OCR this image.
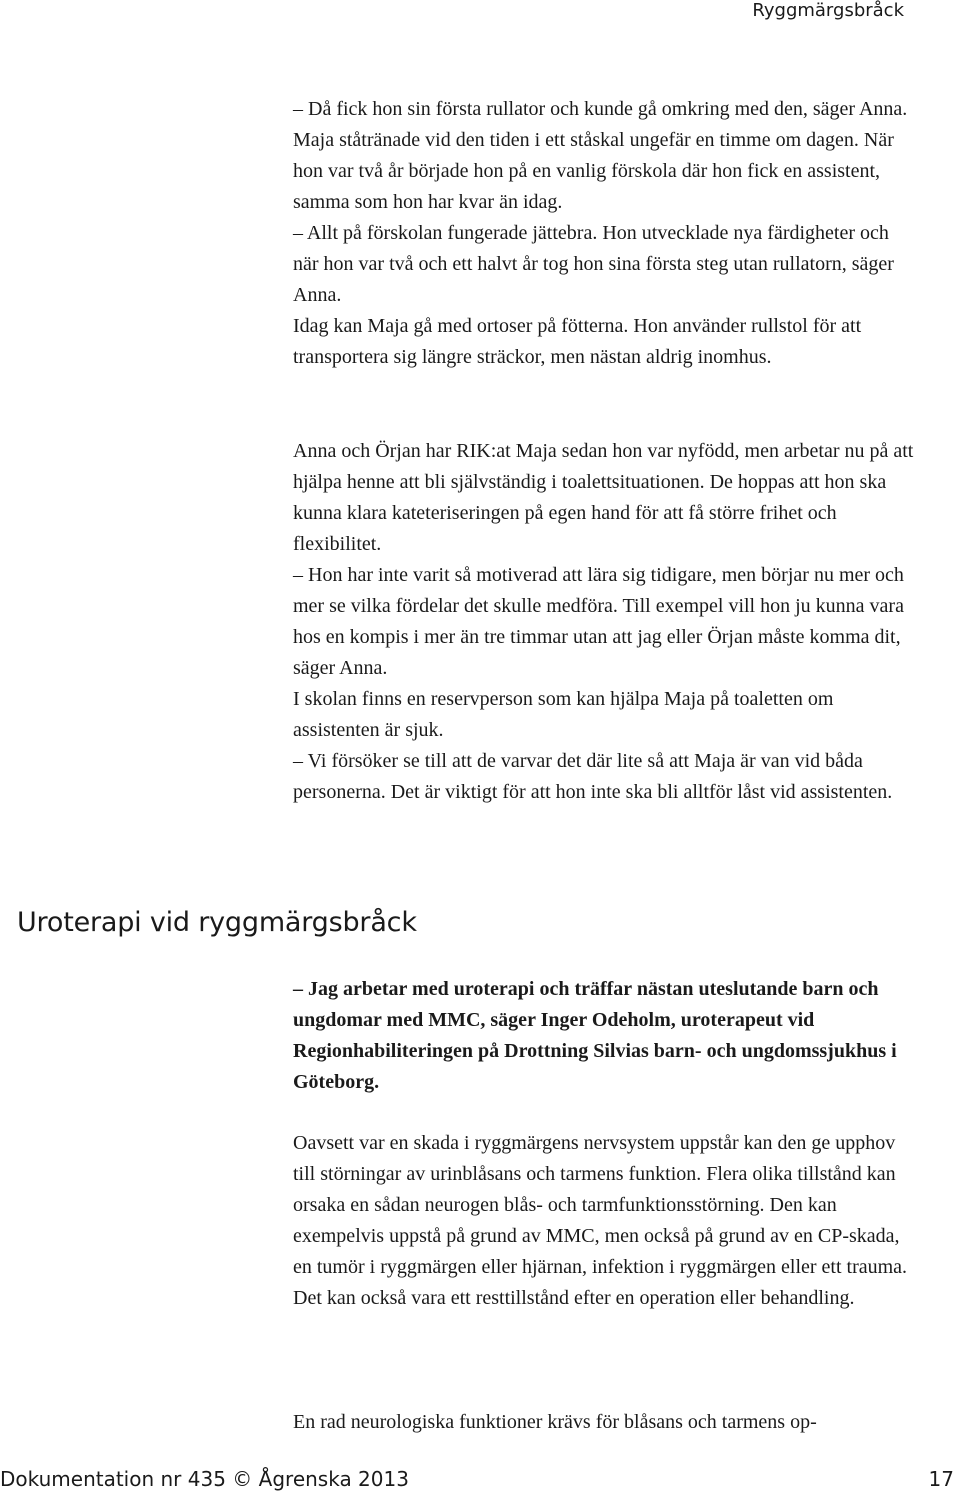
Ryggmärgsbråck

– Då fick hon sin första rullator och kunde gå omkring med den, säger Anna.

Maja ståtränade vid den tiden i ett ståskal ungefär en timme om dagen. När hon var två år började hon på en vanlig förskola där hon fick en assistent, samma som hon har kvar än idag.

– Allt på förskolan fungerade jättebra. Hon utvecklade nya färdigheter och när hon var två och ett halvt år tog hon sina första steg utan rullatorn, säger Anna.

Idag kan Maja gå med ortoser på fötterna. Hon använder rullstol för att transportera sig längre sträckor, men nästan aldrig inomhus.

Anna och Örjan har RIK:at Maja sedan hon var nyfödd, men arbetar nu på att hjälpa henne att bli självständig i toalettsituationen. De hoppas att hon ska kunna klara kateteriseringen på egen hand för att få större frihet och flexibilitet.

– Hon har inte varit så motiverad att lära sig tidigare, men börjar nu mer och mer se vilka fördelar det skulle medföra. Till exempel vill hon ju kunna vara hos en kompis i mer än tre timmar utan att jag eller Örjan måste komma dit, säger Anna.

I skolan finns en reservperson som kan hjälpa Maja på toaletten om assistenten är sjuk.

– Vi försöker se till att de varvar det där lite så att Maja är van vid båda personerna. Det är viktigt för att hon inte ska bli alltför låst vid assistenten.

Uroterapi vid ryggmärgsbråck

– Jag arbetar med uroterapi och träffar nästan uteslutande barn och ungdomar med MMC, säger Inger Odeholm, uroterapeut vid Regionhabiliteringen på Drottning Silvias barn- och ungdomssjukhus i Göteborg.

Oavsett var en skada i ryggmärgens nervsystem uppstår kan den ge upphov till störningar av urinblåsans och tarmens funktion. Flera olika tillstånd kan orsaka en sådan neurogen blås- och tarmfunktionsstörning. Den kan exempelvis uppstå på grund av MMC, men också på grund av en CP-skada, en tumör i ryggmärgen eller hjärnan, infektion i ryggmärgen eller ett trauma.

Det kan också vara ett resttillstånd efter en operation eller behandling.

En rad neurologiska funktioner krävs för blåsans och tarmens op-

Dokumentation nr 435 © Ågrenska 2013	17
